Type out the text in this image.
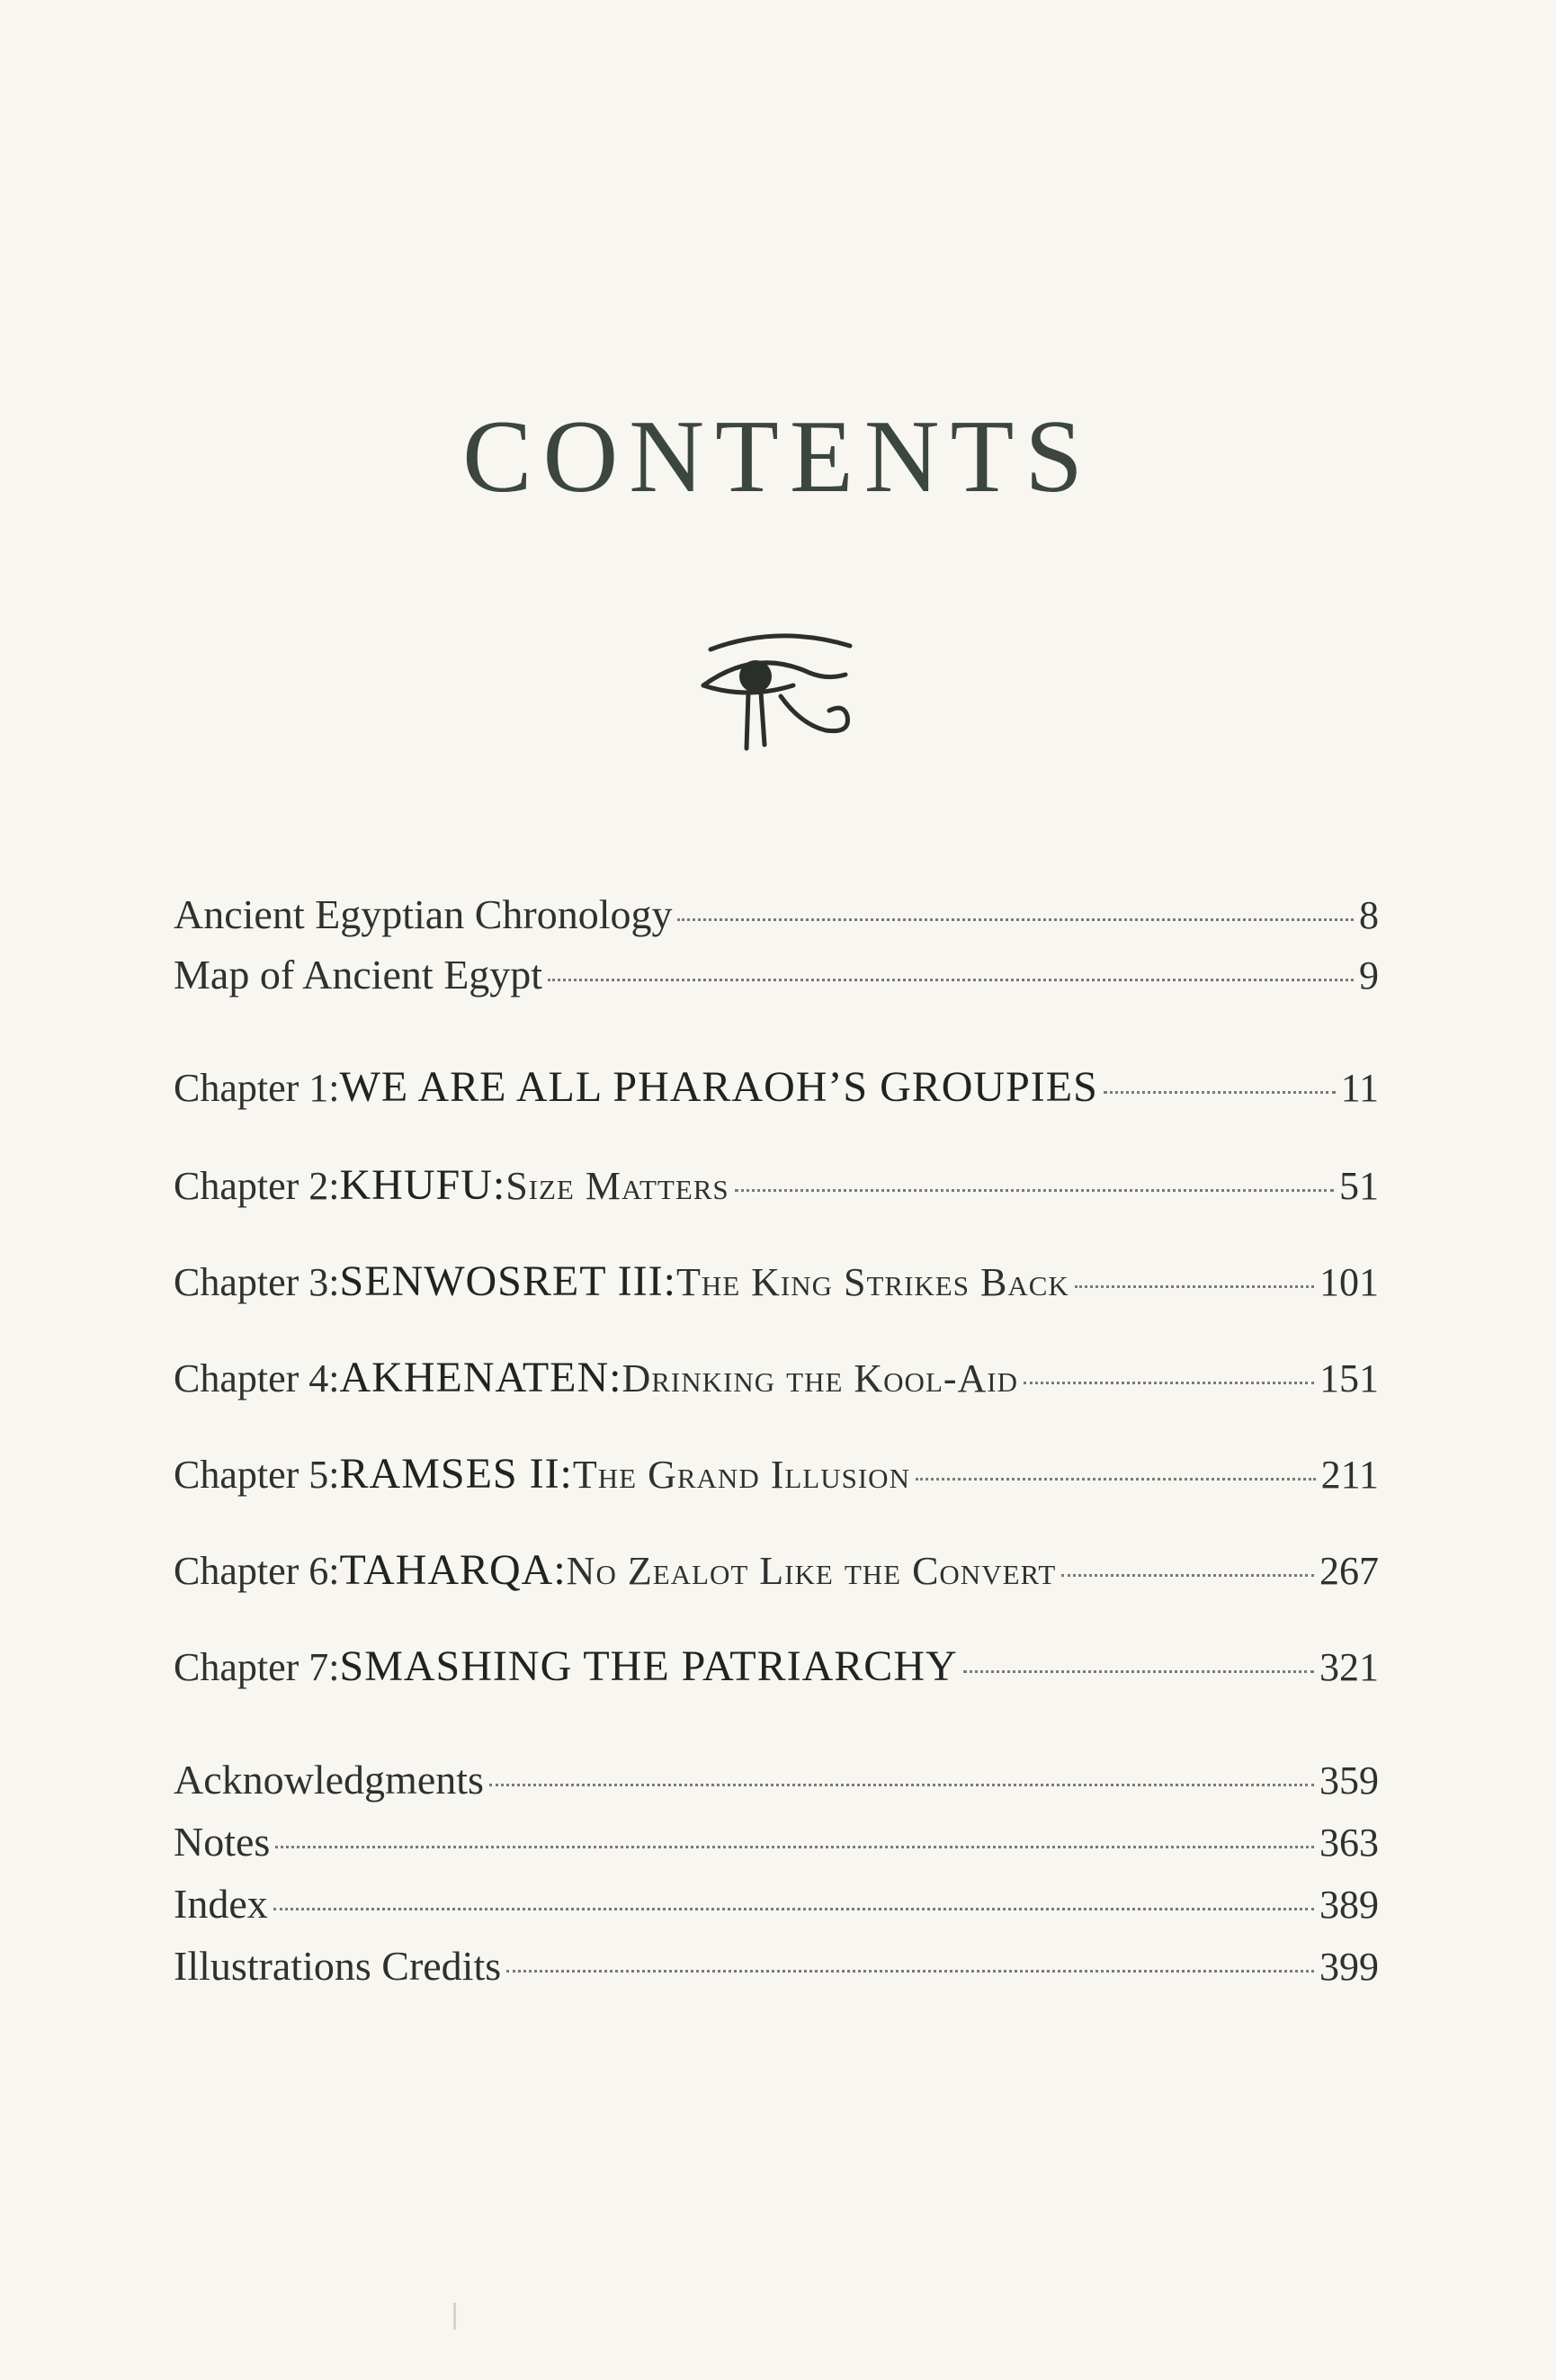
CONTENTS
Ancient Egyptian Chronology	8
Map of Ancient Egypt	9
Chapter 1: WE ARE ALL PHARAOH’S GROUPIES	11
Chapter 2: KHUFU: Size Matters	51
Chapter 3: SENWOSRET III: The King Strikes Back	101
Chapter 4: AKHENATEN: Drinking the Kool-Aid	151
Chapter 5: RAMSES II: The Grand Illusion	211
Chapter 6: TAHARQA: No Zealot Like the Convert	267
Chapter 7: SMASHING THE PATRIARCHY	321
Acknowledgments	359
Notes	363
Index	389
Illustrations Credits	399
